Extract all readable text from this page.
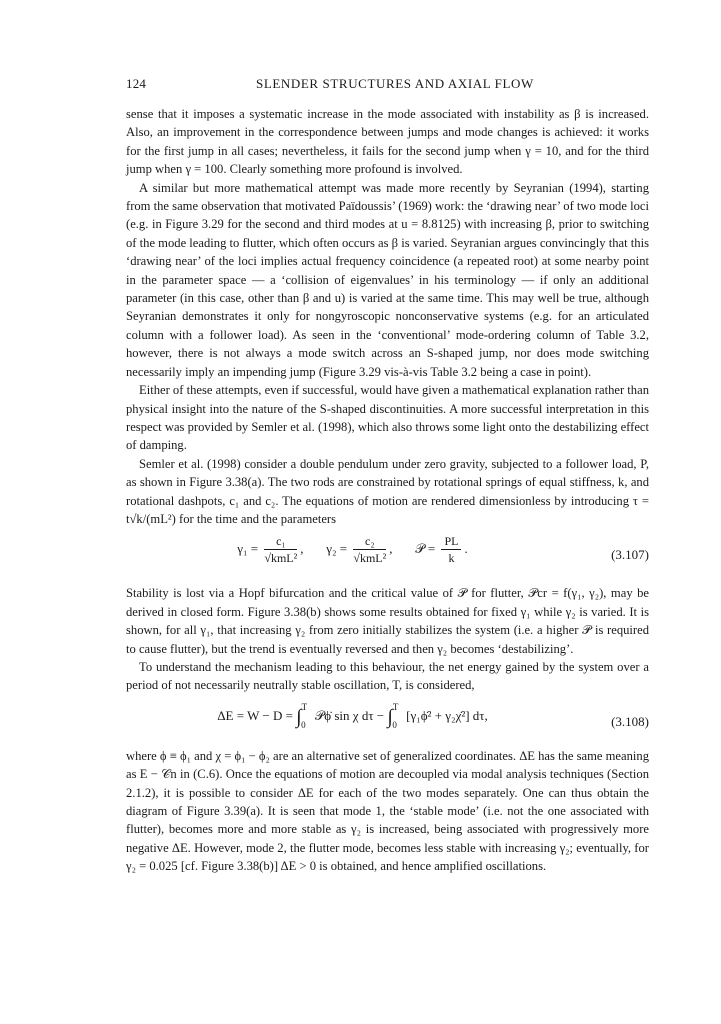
124	SLENDER STRUCTURES AND AXIAL FLOW

sense that it imposes a systematic increase in the mode associated with instability as β is increased. Also, an improvement in the correspondence between jumps and mode changes is achieved: it works for the first jump in all cases; nevertheless, it fails for the second jump when γ = 10, and for the third jump when γ = 100. Clearly something more profound is involved.

A similar but more mathematical attempt was made more recently by Seyranian (1994), starting from the same observation that motivated Païdoussis’ (1969) work: the ‘drawing near’ of two mode loci (e.g. in Figure 3.29 for the second and third modes at u = 8.8125) with increasing β, prior to switching of the mode leading to flutter, which often occurs as β is varied. Seyranian argues convincingly that this ‘drawing near’ of the loci implies actual frequency coincidence (a repeated root) at some nearby point in the parameter space — a ‘collision of eigenvalues’ in his terminology — if only an additional parameter (in this case, other than β and u) is varied at the same time. This may well be true, although Seyranian demonstrates it only for nongyroscopic nonconservative systems (e.g. for an articulated column with a follower load). As seen in the ‘conventional’ mode-ordering column of Table 3.2, however, there is not always a mode switch across an S-shaped jump, nor does mode switching necessarily imply an impending jump (Figure 3.29 vis-à-vis Table 3.2 being a case in point).

Either of these attempts, even if successful, would have given a mathematical explanation rather than physical insight into the nature of the S-shaped discontinuities. A more successful interpretation in this respect was provided by Semler et al. (1998), which also throws some light onto the destabilizing effect of damping.

Semler et al. (1998) consider a double pendulum under zero gravity, subjected to a follower load, P, as shown in Figure 3.38(a). The two rods are constrained by rotational springs of equal stiffness, k, and rotational dashpots, c₁ and c₂. The equations of motion are rendered dimensionless by introducing τ = t√k/(mL²) for the time and the parameters

$\gamma_1 = \frac{\text{c₁}}{\text{√kmL²}}$ ,       $\gamma_2 = \frac{\text{c₂}}{\text{√kmL²}}$ ,       𝒫 = $\frac{PL}{k}$ .	(3.107)

Stability is lost via a Hopf bifurcation and the critical value of 𝒫 for flutter, 𝒫cr = f(γ₁, γ₂), may be derived in closed form. Figure 3.38(b) shows some results obtained for fixed γ₁ while γ₂ is varied. It is shown, for all γ₁, that increasing γ₂ from zero initially stabilizes the system (i.e. a higher 𝒫 is required to cause flutter), but the trend is eventually reversed and then γ₂ becomes ‘destabilizing’.

To understand the mechanism leading to this behaviour, the net energy gained by the system over a period of not necessarily neutrally stable oscillation, T, is considered,

ΔE = W − D = ∫$^T_0$ 𝒫ϕ̇ sin χ dτ − ∫$^T_0$ [γ₁ϕ̇² + γ₂χ̇²] dτ,	(3.108)

where ϕ ≡ ϕ₁ and χ = ϕ₁ − ϕ₂ are an alternative set of generalized coordinates. ΔE has the same meaning as E − 𝒞n in (C.6). Once the equations of motion are decoupled via modal analysis techniques (Section 2.1.2), it is possible to consider ΔE for each of the two modes separately. One can thus obtain the diagram of Figure 3.39(a). It is seen that mode 1, the ‘stable mode’ (i.e. not the one associated with flutter), becomes more and more stable as γ₂ is increased, being associated with progressively more negative ΔE. However, mode 2, the flutter mode, becomes less stable with increasing γ₂; eventually, for γ₂ = 0.025 [cf. Figure 3.38(b)] ΔE > 0 is obtained, and hence amplified oscillations.
